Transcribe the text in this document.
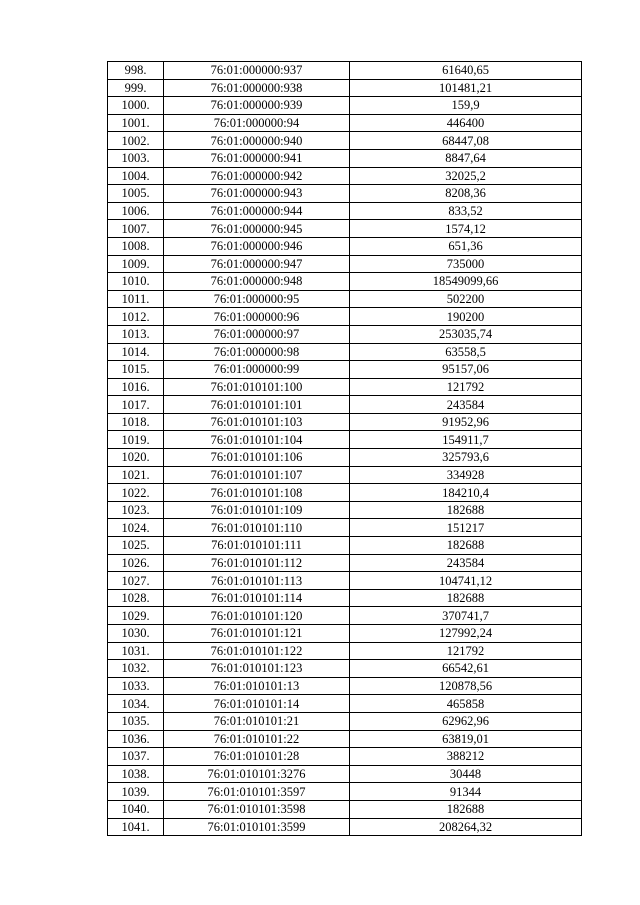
998.	76:01:000000:937	61640,65
999.	76:01:000000:938	101481,21
1000.	76:01:000000:939	159,9
1001.	76:01:000000:94	446400
1002.	76:01:000000:940	68447,08
1003.	76:01:000000:941	8847,64
1004.	76:01:000000:942	32025,2
1005.	76:01:000000:943	8208,36
1006.	76:01:000000:944	833,52
1007.	76:01:000000:945	1574,12
1008.	76:01:000000:946	651,36
1009.	76:01:000000:947	735000
1010.	76:01:000000:948	18549099,66
1011.	76:01:000000:95	502200
1012.	76:01:000000:96	190200
1013.	76:01:000000:97	253035,74
1014.	76:01:000000:98	63558,5
1015.	76:01:000000:99	95157,06
1016.	76:01:010101:100	121792
1017.	76:01:010101:101	243584
1018.	76:01:010101:103	91952,96
1019.	76:01:010101:104	154911,7
1020.	76:01:010101:106	325793,6
1021.	76:01:010101:107	334928
1022.	76:01:010101:108	184210,4
1023.	76:01:010101:109	182688
1024.	76:01:010101:110	151217
1025.	76:01:010101:111	182688
1026.	76:01:010101:112	243584
1027.	76:01:010101:113	104741,12
1028.	76:01:010101:114	182688
1029.	76:01:010101:120	370741,7
1030.	76:01:010101:121	127992,24
1031.	76:01:010101:122	121792
1032.	76:01:010101:123	66542,61
1033.	76:01:010101:13	120878,56
1034.	76:01:010101:14	465858
1035.	76:01:010101:21	62962,96
1036.	76:01:010101:22	63819,01
1037.	76:01:010101:28	388212
1038.	76:01:010101:3276	30448
1039.	76:01:010101:3597	91344
1040.	76:01:010101:3598	182688
1041.	76:01:010101:3599	208264,32
